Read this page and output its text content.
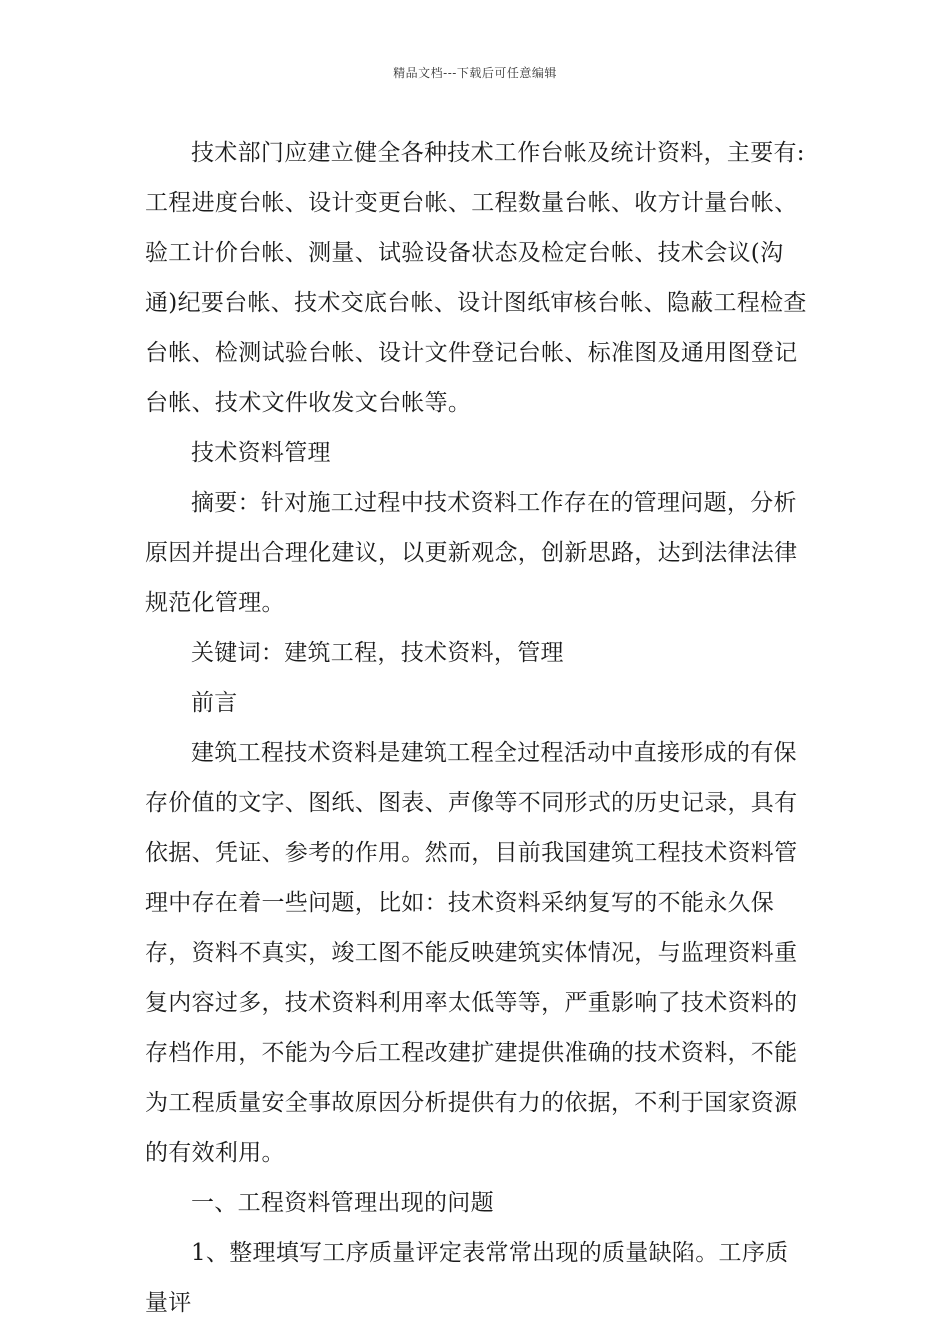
精品文档---下载后可任意编辑

技术部门应建立健全各种技术工作台帐及统计资料，主要有:工程进度台帐、设计变更台帐、工程数量台帐、收方计量台帐、验工计价台帐、测量、试验设备状态及检定台帐、技术会议(沟通)纪要台帐、技术交底台帐、设计图纸审核台帐、隐蔽工程检查台帐、检测试验台帐、设计文件登记台帐、标准图及通用图登记台帐、技术文件收发文台帐等。

技术资料管理

摘要：针对施工过程中技术资料工作存在的管理问题，分析原因并提出合理化建议，以更新观念，创新思路，达到法律法律规范化管理。

关键词：建筑工程，技术资料，管理

前言

建筑工程技术资料是建筑工程全过程活动中直接形成的有保存价值的文字、图纸、图表、声像等不同形式的历史记录，具有依据、凭证、参考的作用。然而，目前我国建筑工程技术资料管理中存在着一些问题，比如：技术资料采纳复写的不能永久保存，资料不真实，竣工图不能反映建筑实体情况，与监理资料重复内容过多，技术资料利用率太低等等，严重影响了技术资料的存档作用，不能为今后工程改建扩建提供准确的技术资料，不能为工程质量安全事故原因分析提供有力的依据，不利于国家资源的有效利用。

一、工程资料管理出现的问题

1、整理填写工序质量评定表常常出现的质量缺陷。工序质量评
